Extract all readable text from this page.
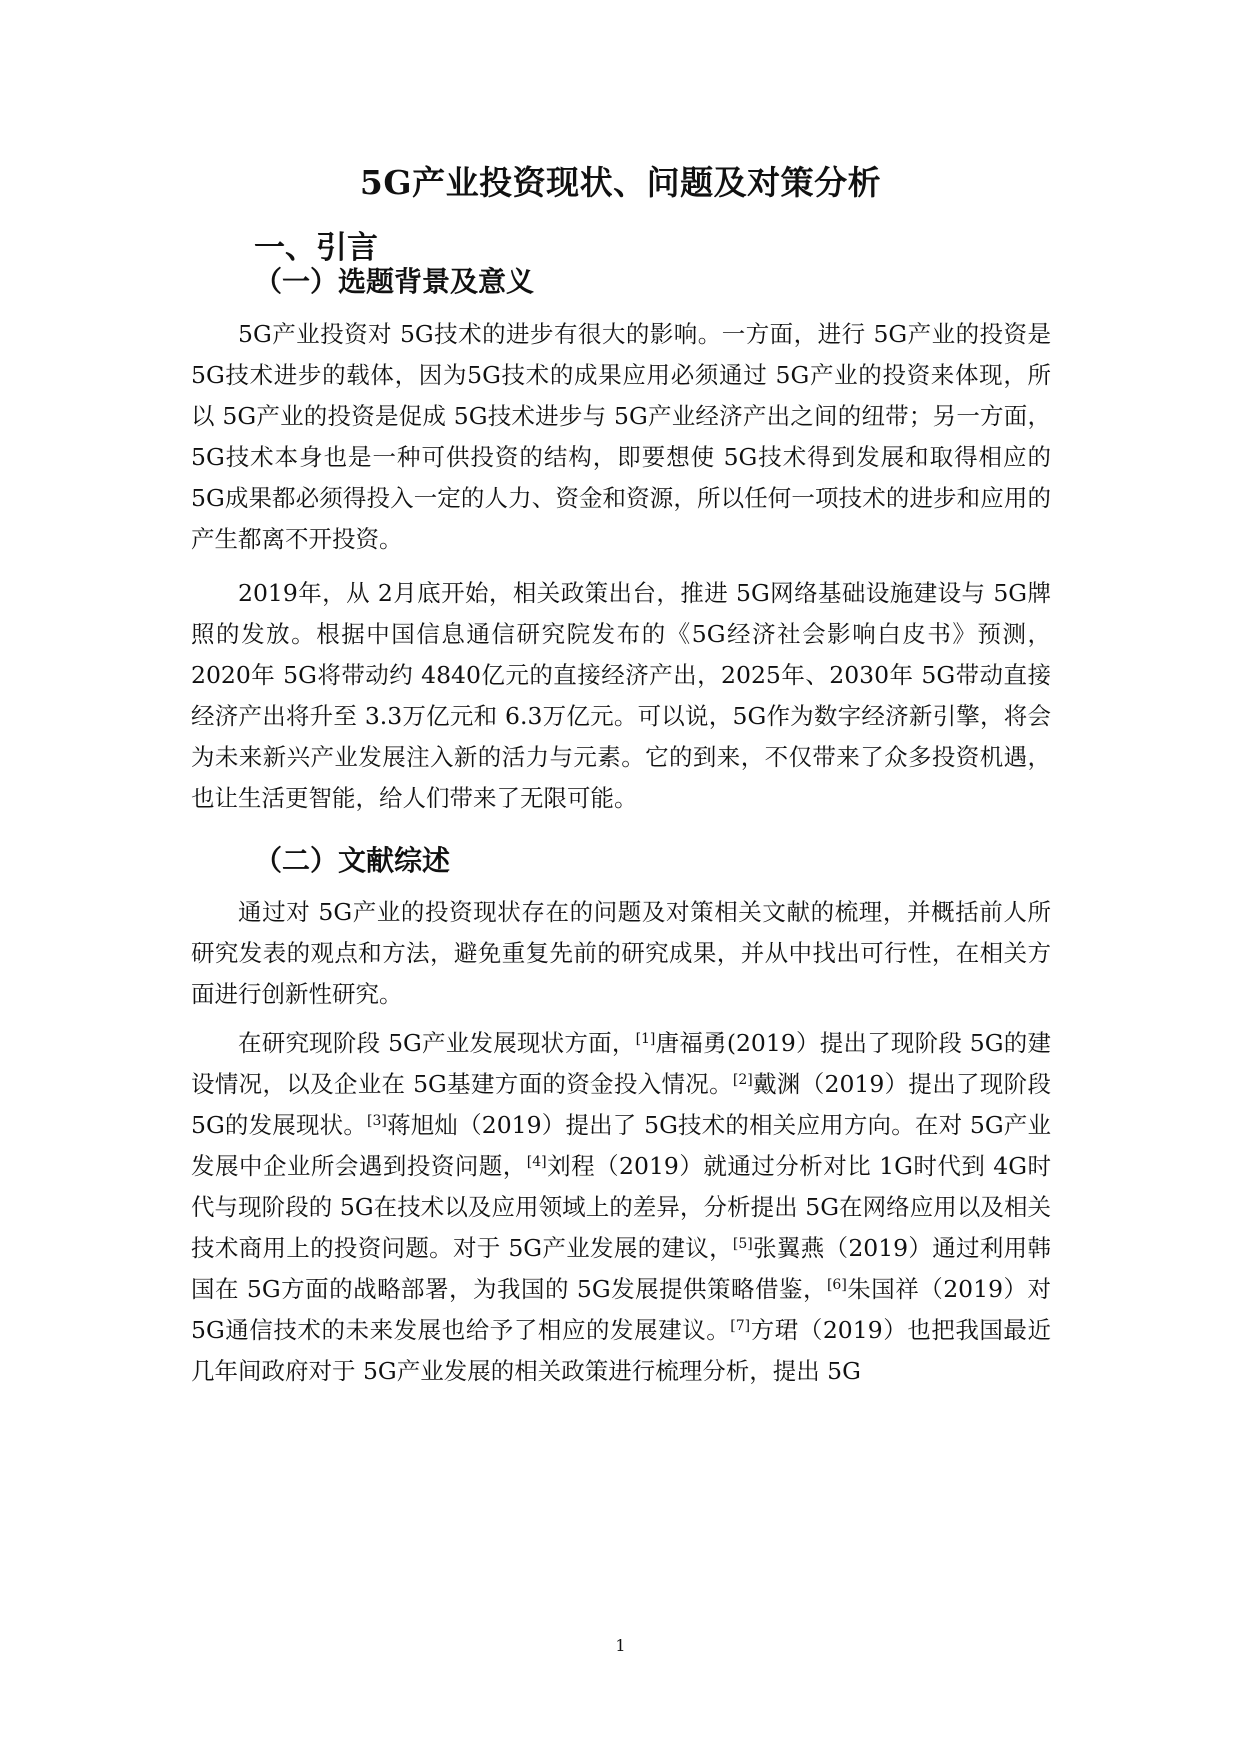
5G产业投资现状、问题及对策分析
一、引言
（一）选题背景及意义

5G产业投资对 5G技术的进步有很大的影响。一方面，进行 5G产业的投资是 5G技术进步的载体，因为5G技术的成果应用必须通过 5G产业的投资来体现，所以 5G产业的投资是促成 5G技术进步与 5G产业经济产出之间的纽带；另一方面，5G技术本身也是一种可供投资的结构，即要想使 5G技术得到发展和取得相应的 5G成果都必须得投入一定的人力、资金和资源，所以任何一项技术的进步和应用的产生都离不开投资。

2019年，从 2月底开始，相关政策出台，推进 5G网络基础设施建设与 5G牌照的发放。根据中国信息通信研究院发布的《5G经济社会影响白皮书》预测，2020年 5G将带动约 4840亿元的直接经济产出，2025年、2030年 5G带动直接经济产出将升至 3.3万亿元和 6.3万亿元。可以说，5G作为数字经济新引擎，将会为未来新兴产业发展注入新的活力与元素。它的到来，不仅带来了众多投资机遇，也让生活更智能，给人们带来了无限可能。

（二）文献综述

通过对 5G产业的投资现状存在的问题及对策相关文献的梳理，并概括前人所研究发表的观点和方法，避免重复先前的研究成果，并从中找出可行性，在相关方面进行创新性研究。

在研究现阶段 5G产业发展现状方面，[1]唐福勇(2019）提出了现阶段 5G的建设情况，以及企业在 5G基建方面的资金投入情况。[2]戴渊（2019）提出了现阶段 5G的发展现状。[3]蒋旭灿（2019）提出了 5G技术的相关应用方向。在对 5G产业发展中企业所会遇到投资问题，[4]刘程（2019）就通过分析对比 1G时代到 4G时代与现阶段的 5G在技术以及应用领域上的差异，分析提出 5G在网络应用以及相关技术商用上的投资问题。对于 5G产业发展的建议，[5]张翼燕（2019）通过利用韩国在 5G方面的战略部署，为我国的 5G发展提供策略借鉴，[6]朱国祥（2019）对 5G通信技术的未来发展也给予了相应的发展建议。[7]方珺（2019）也把我国最近几年间政府对于 5G产业发展的相关政策进行梳理分析，提出 5G

1
